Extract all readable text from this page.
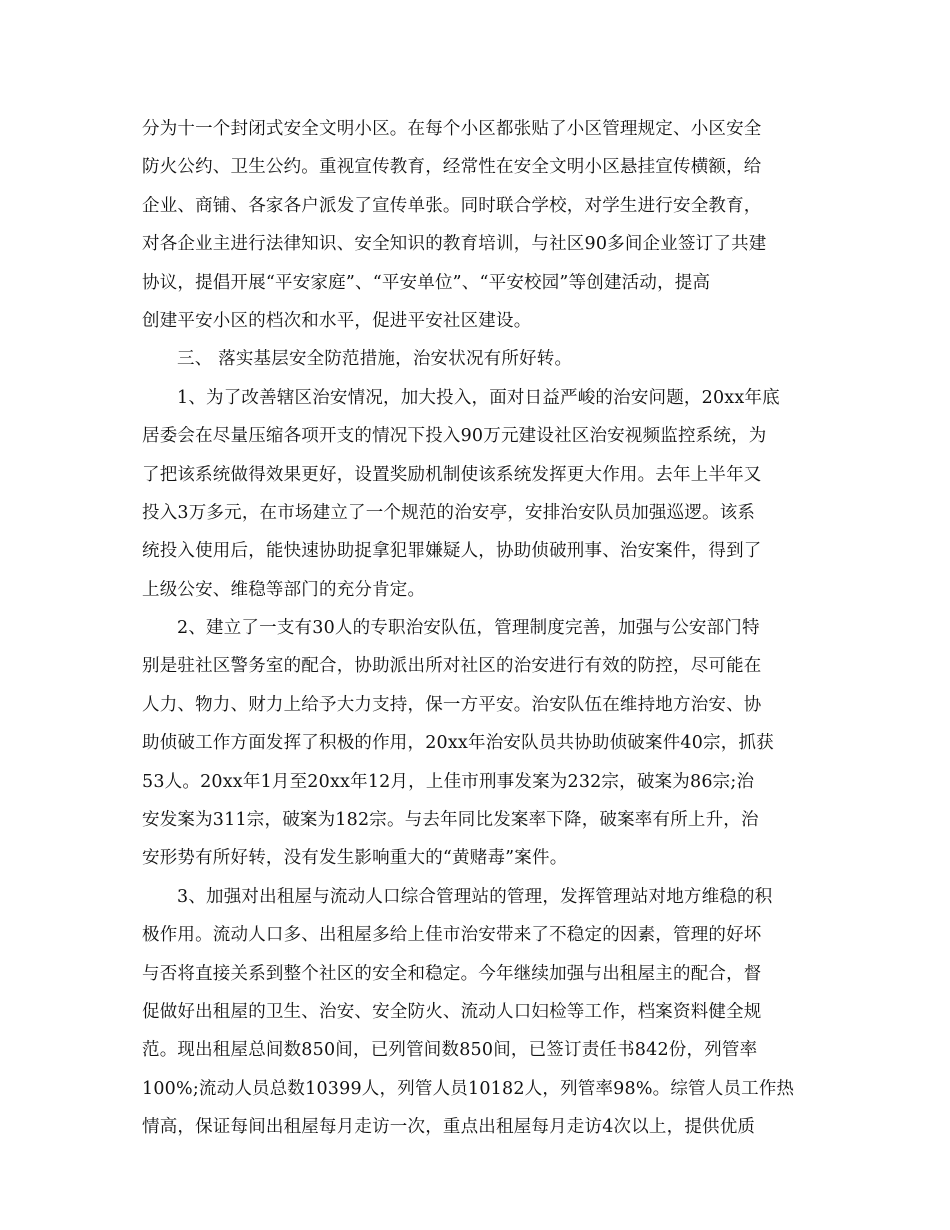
分为十一个封闭式安全文明小区。在每个小区都张贴了小区管理规定、小区安全
防火公约、卫生公约。重视宣传教育，经常性在安全文明小区悬挂宣传横额，给
企业、商铺、各家各户派发了宣传单张。同时联合学校，对学生进行安全教育，
对各企业主进行法律知识、安全知识的教育培训，与社区90多间企业签订了共建
协议，提倡开展“平安家庭”、“平安单位”、“平安校园”等创建活动，提高
创建平安小区的档次和水平，促进平安社区建设。
三、 落实基层安全防范措施，治安状况有所好转。
1、为了改善辖区治安情况，加大投入，面对日益严峻的治安问题，20xx年底
居委会在尽量压缩各项开支的情况下投入90万元建设社区治安视频监控系统，为
了把该系统做得效果更好，设置奖励机制使该系统发挥更大作用。去年上半年又
投入3万多元，在市场建立了一个规范的治安亭，安排治安队员加强巡逻。该系
统投入使用后，能快速协助捉拿犯罪嫌疑人，协助侦破刑事、治安案件，得到了
上级公安、维稳等部门的充分肯定。
2、建立了一支有30人的专职治安队伍，管理制度完善，加强与公安部门特
别是驻社区警务室的配合，协助派出所对社区的治安进行有效的防控，尽可能在
人力、物力、财力上给予大力支持，保一方平安。治安队伍在维持地方治安、协
助侦破工作方面发挥了积极的作用，20xx年治安队员共协助侦破案件40宗，抓获
53人。20xx年1月至20xx年12月，上佳市刑事发案为232宗，破案为86宗;治
安发案为311宗，破案为182宗。与去年同比发案率下降，破案率有所上升，治
安形势有所好转，没有发生影响重大的“黄赌毒”案件。
3、加强对出租屋与流动人口综合管理站的管理，发挥管理站对地方维稳的积
极作用。流动人口多、出租屋多给上佳市治安带来了不稳定的因素，管理的好坏
与否将直接关系到整个社区的安全和稳定。今年继续加强与出租屋主的配合，督
促做好出租屋的卫生、治安、安全防火、流动人口妇检等工作，档案资料健全规
范。现出租屋总间数850间，已列管间数850间，已签订责任书842份，列管率
100%;流动人员总数10399人，列管人员10182人，列管率98%。综管人员工作热
情高，保证每间出租屋每月走访一次，重点出租屋每月走访4次以上，提供优质
